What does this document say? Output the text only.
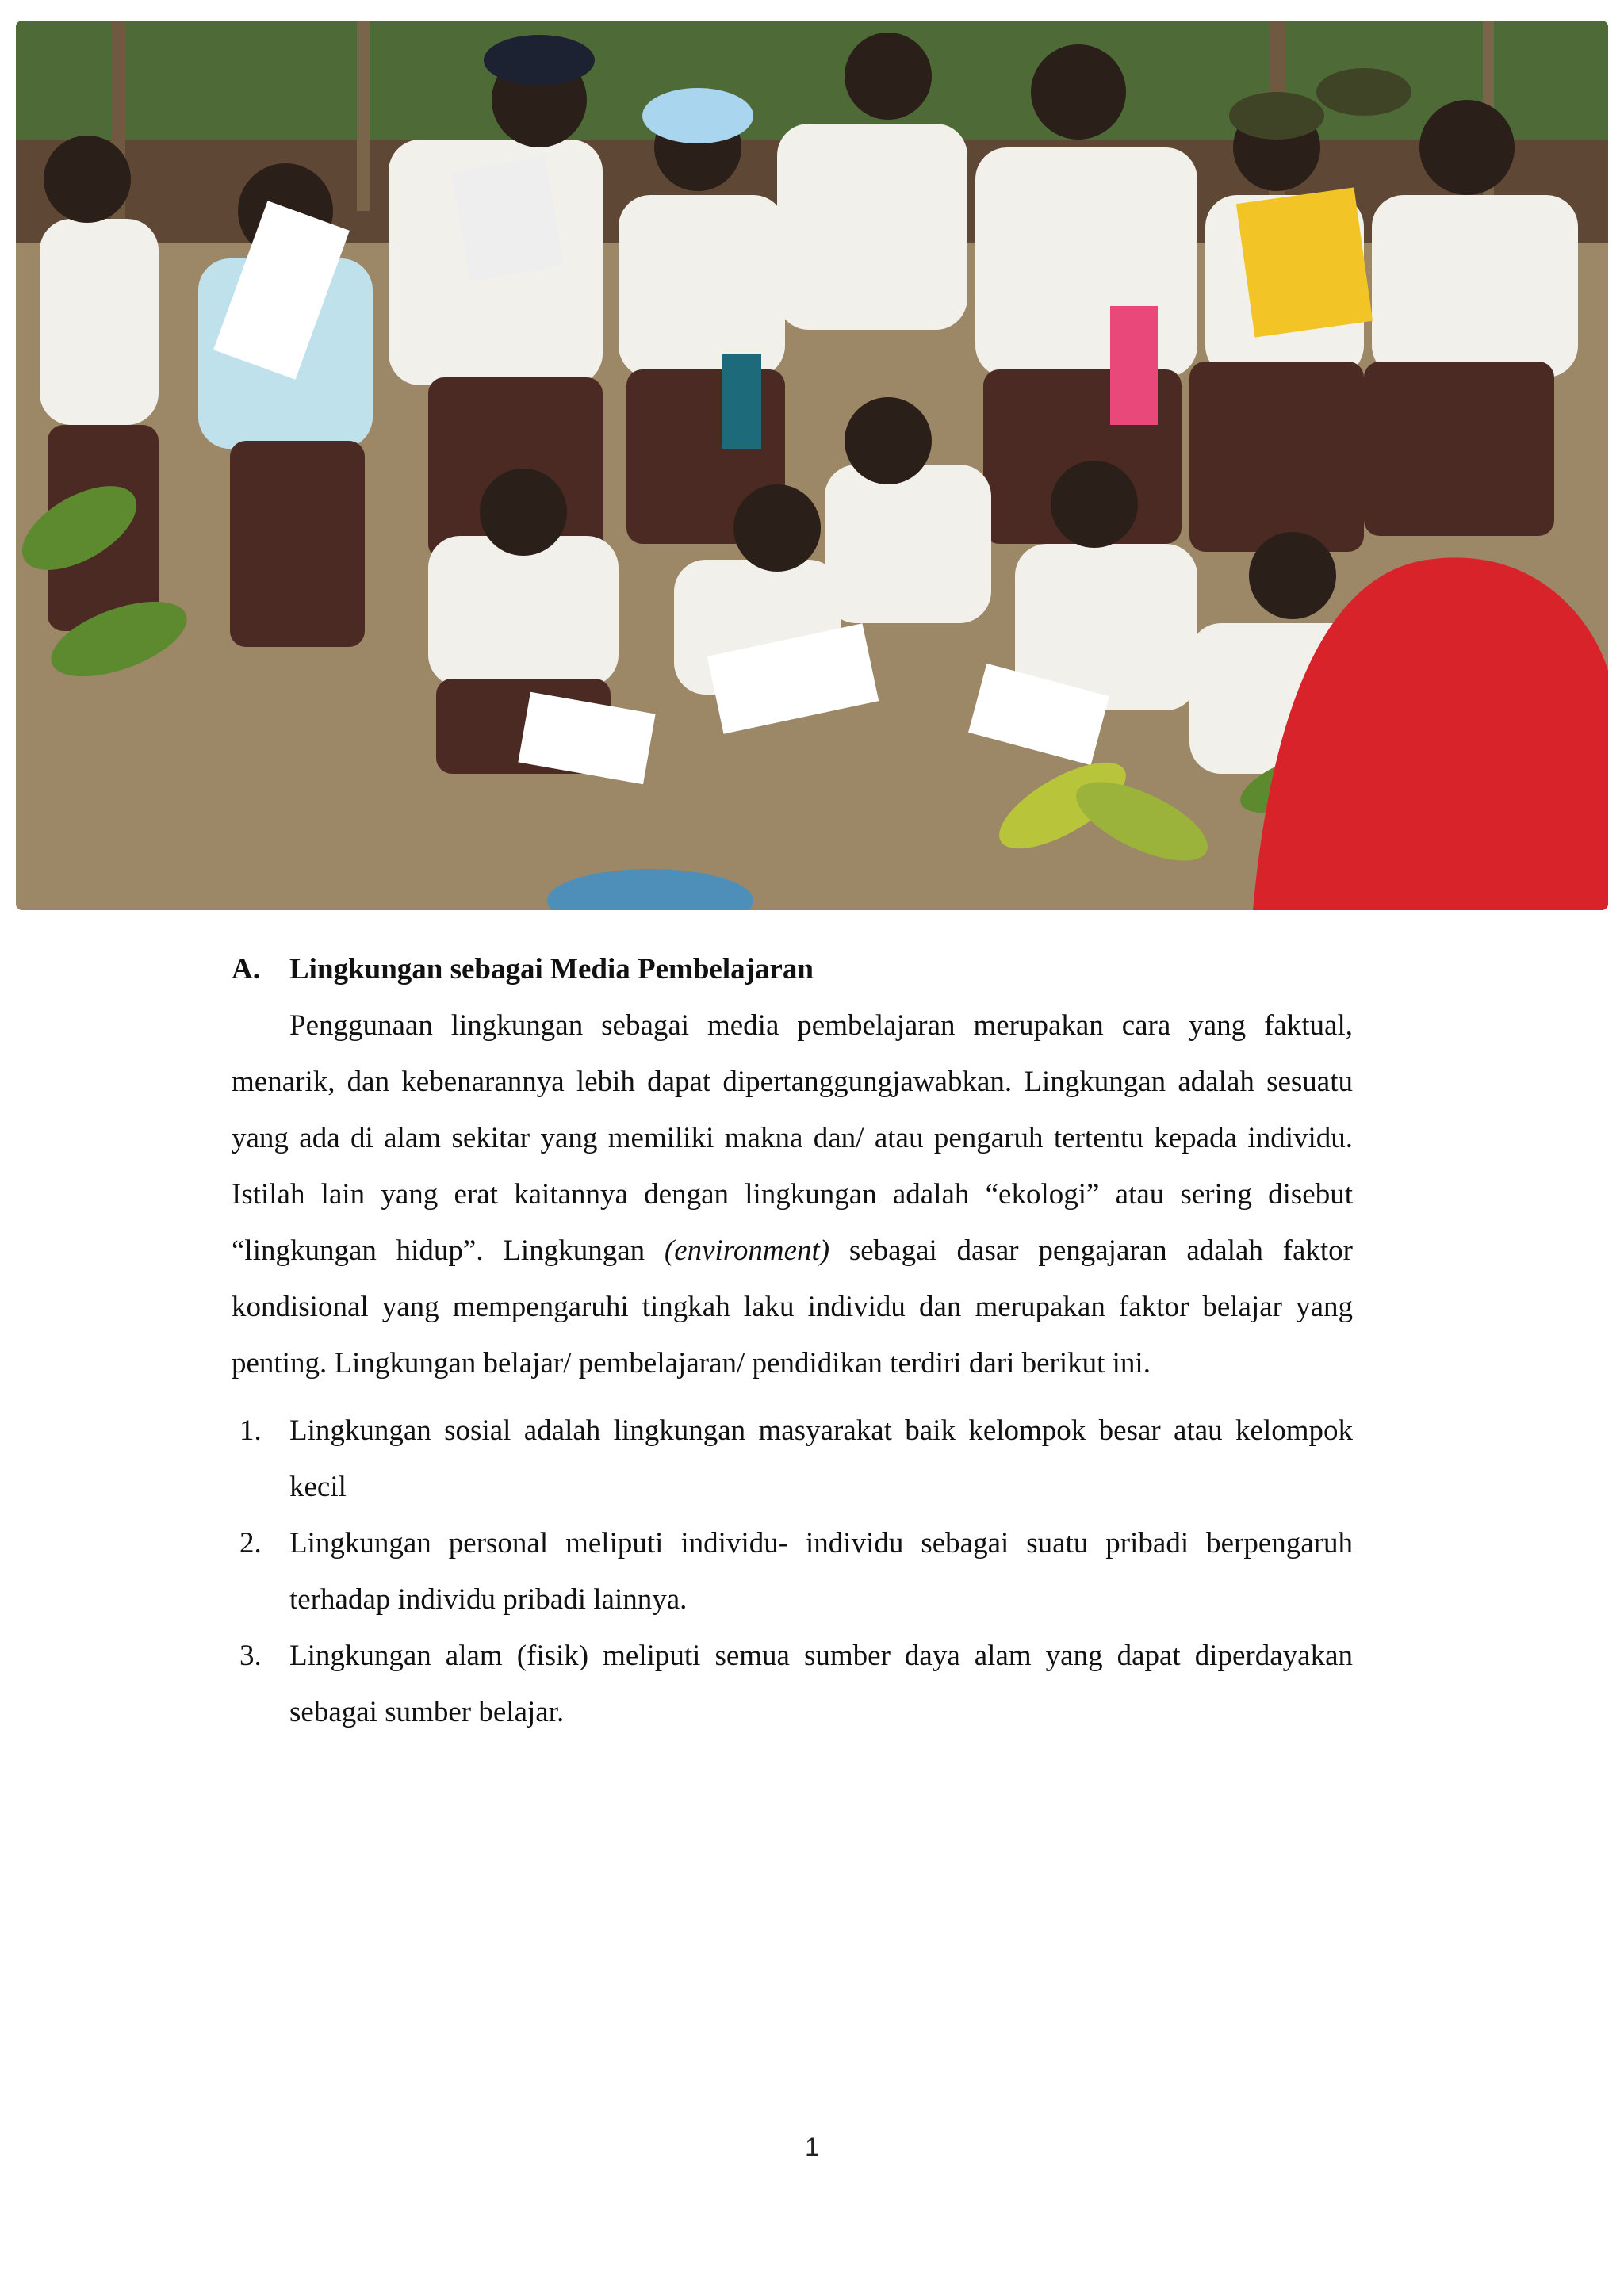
A.	Lingkungan sebagai Media Pembelajaran

Penggunaan lingkungan sebagai media pembelajaran merupakan cara yang faktual, menarik, dan kebenarannya lebih dapat dipertanggungjawabkan. Lingkungan adalah sesuatu yang ada di alam sekitar yang memiliki makna dan/ atau pengaruh tertentu kepada individu. Istilah lain yang erat kaitannya dengan lingkungan adalah “ekologi” atau sering disebut “lingkungan hidup”. Lingkungan (environment) sebagai dasar pengajaran adalah faktor kondisional yang mempengaruhi tingkah laku individu dan merupakan faktor belajar yang penting. Lingkungan belajar/ pembelajaran/ pendidikan terdiri dari berikut ini.

1. Lingkungan sosial adalah lingkungan masyarakat baik kelompok besar atau kelompok kecil
2. Lingkungan personal meliputi individu- individu sebagai suatu pribadi berpengaruh terhadap individu pribadi lainnya.
3. Lingkungan alam (fisik) meliputi semua sumber daya alam yang dapat diperdayakan sebagai sumber belajar.
1
